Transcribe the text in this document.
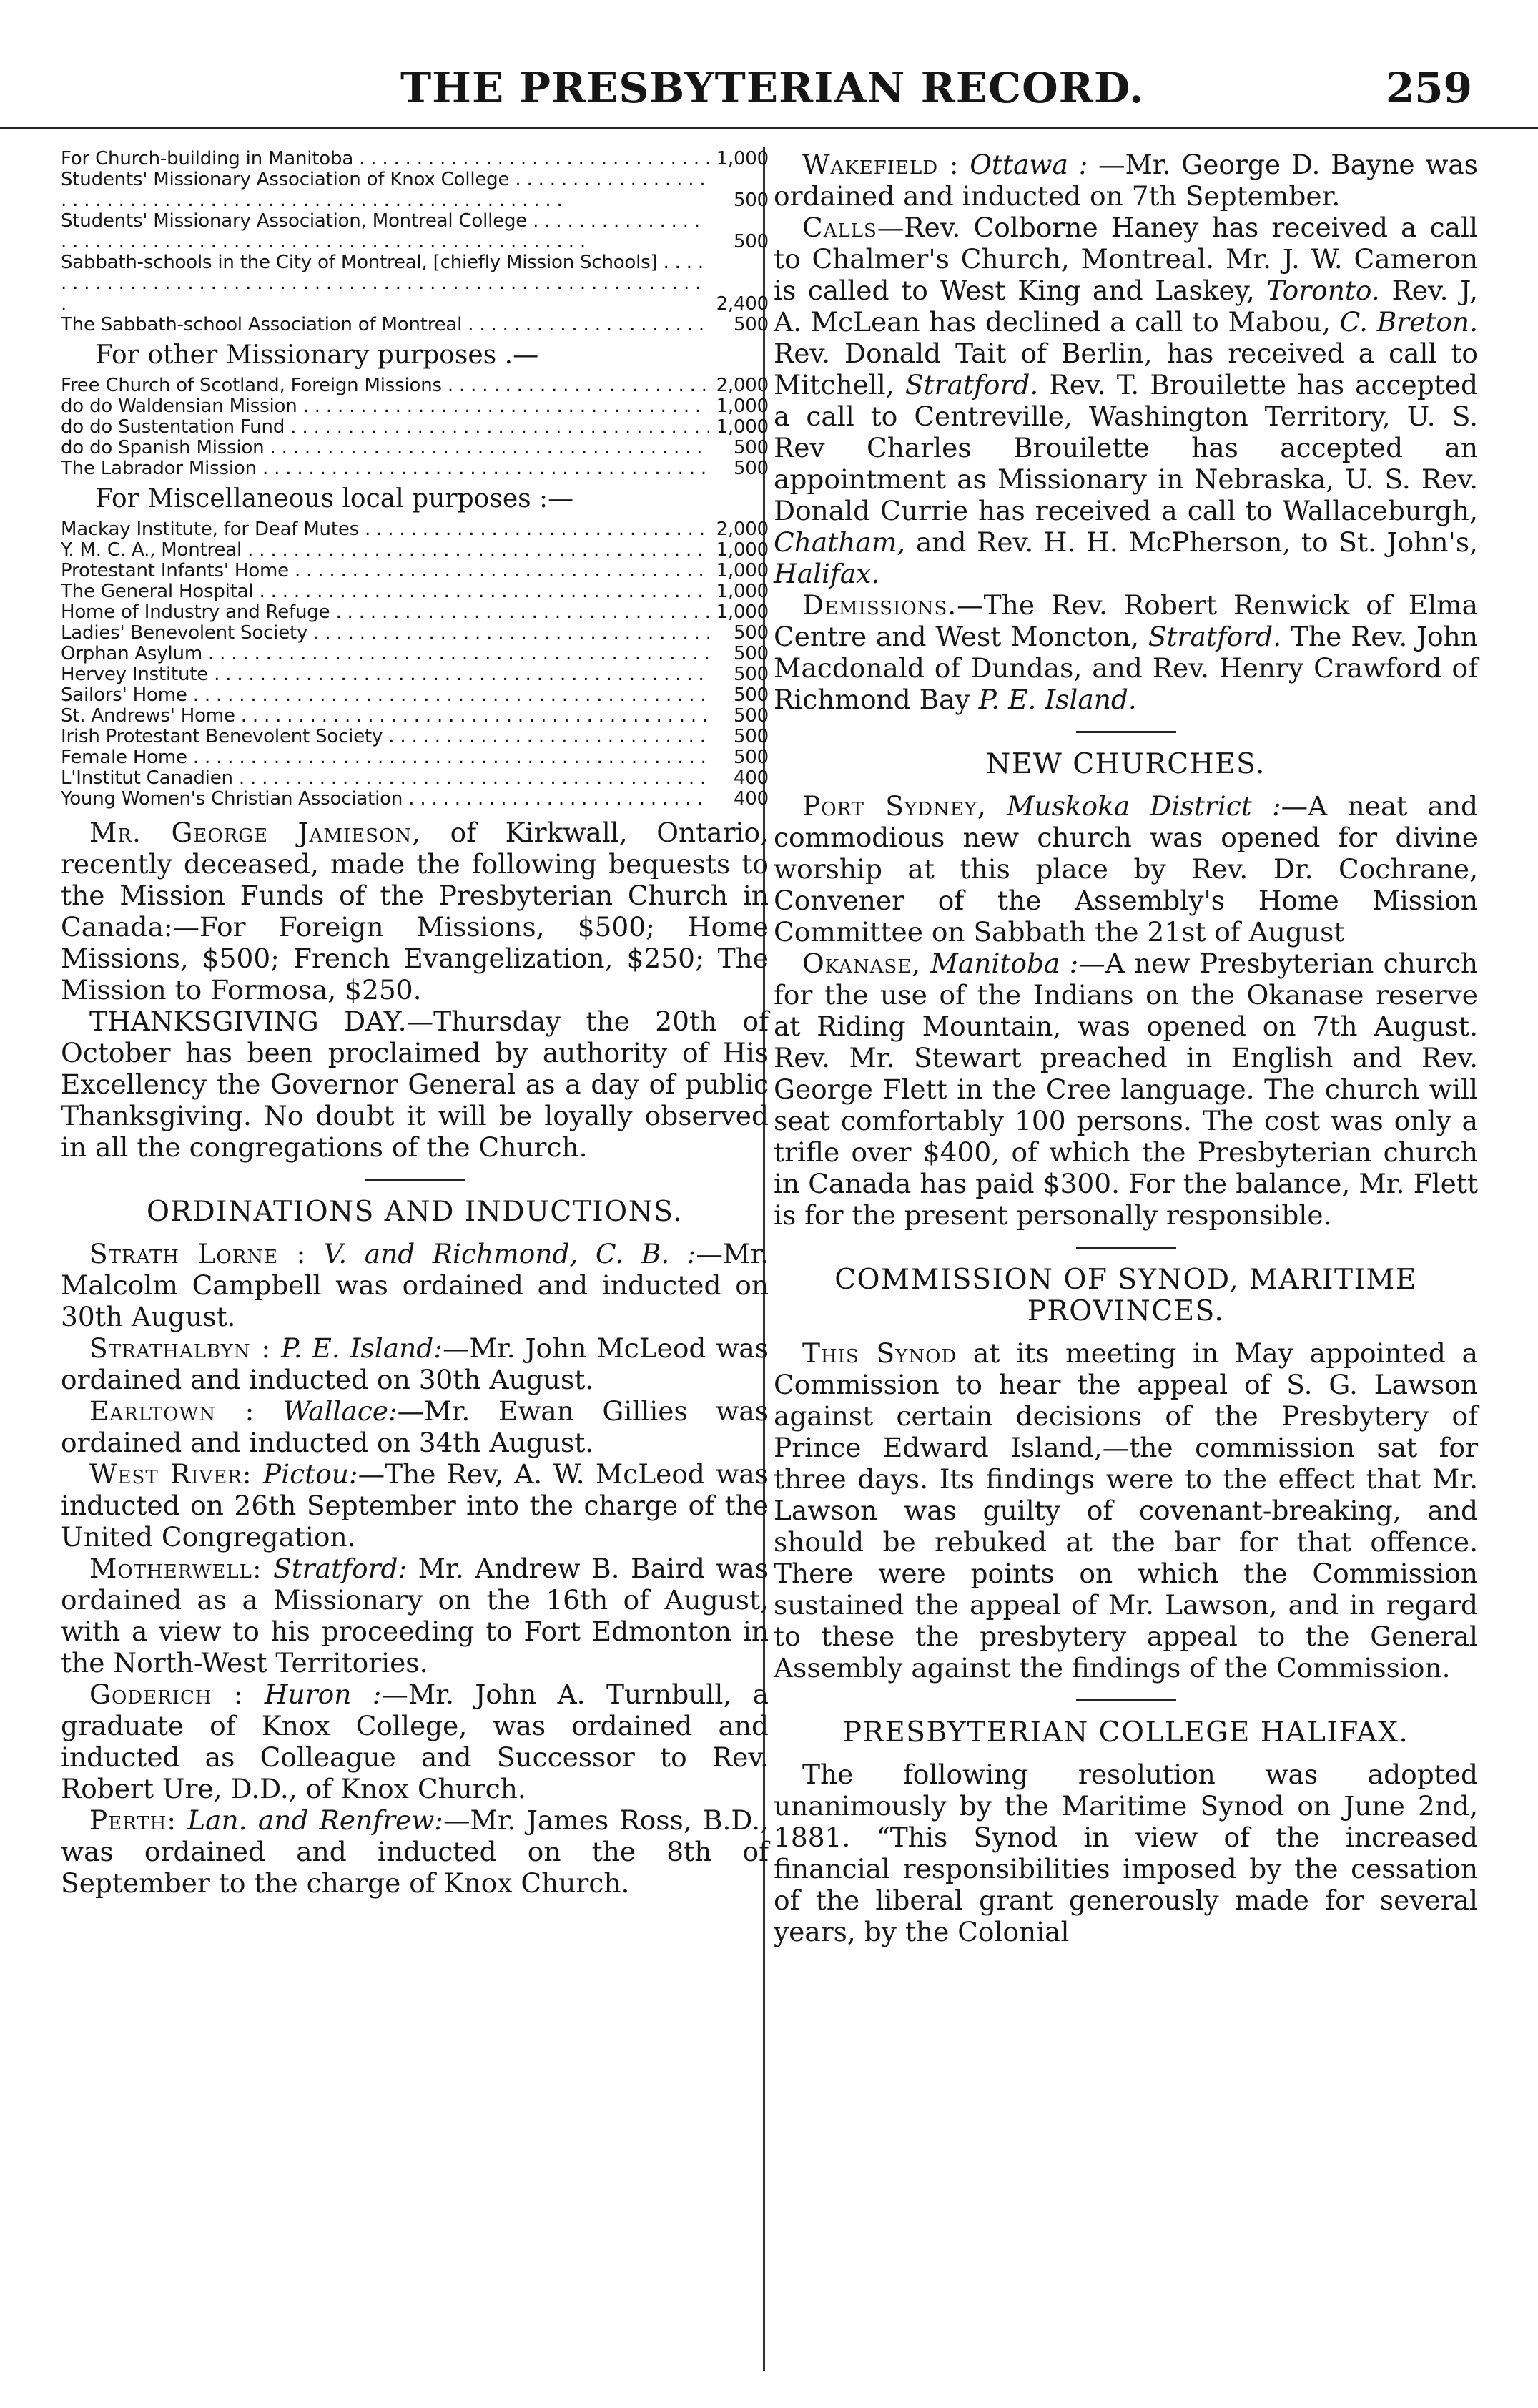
THE PRESBYTERIAN RECORD.	259
For Church-building in Manitoba . . .	1,000
Students' Missionary Association of Knox College . . .
500
Students' Missionary Association, Montreal College . . .
500
Sabbath-schools in the City of Montreal, [chiefly Mission Schools] . . .
2,400
The Sabbath-school Association of Montreal . . .	500
For other Missionary purposes .—
Free Church of Scotland, Foreign Missions . . .	2,000
do do Waldensian Mission . . .	1,000
do do Sustentation Fund . . .	1,000
do do Spanish Mission . . .	500
The Labrador Mission . . .	500
For Miscellaneous local purposes :—
Mackay Institute, for Deaf Mutes . . .	2,000
Y. M. C. A., Montreal . . .	1,000
Protestant Infants' Home . . .	1,000
The General Hospital . . .	1,000
Home of Industry and Refuge . . .	1,000
Ladies' Benevolent Society . . .	500
Orphan Asylum . . .	500
Hervey Institute . . .	500
Sailors' Home . . .	500
St. Andrews' Home . . .	500
Irish Protestant Benevolent Society . . .	500
Female Home . . .	500
L'Institut Canadien . . .	400
Young Women's Christian Association . . .	400

Mr. George Jamieson, of Kirkwall, Ontario, recently deceased, made the following bequests to the Mission Funds of the Presbyterian Church in Canada:—For Foreign Missions, $500; Home Missions, $500; French Evangelization, $250; The Mission to Formosa, $250.

THANKSGIVING DAY.—Thursday the 20th of October has been proclaimed by authority of His Excellency the Governor General as a day of public Thanksgiving. No doubt it will be loyally observed in all the congregations of the Church.

ORDINATIONS AND INDUCTIONS.

Strath Lorne : V. and Richmond, C. B. :—Mr. Malcolm Campbell was ordained and inducted on 30th August.

Strathalbyn : P. E. Island:—Mr. John McLeod was ordained and inducted on 30th August.

Earltown : Wallace:—Mr. Ewan Gillies was ordained and inducted on 34th August.

West River: Pictou:—The Rev, A. W. McLeod was inducted on 26th September into the charge of the United Congregation.

Motherwell: Stratford: Mr. Andrew B. Baird was ordained as a Missionary on the 16th of August, with a view to his proceeding to Fort Edmonton in the North-West Territories.

Goderich : Huron :—Mr. John A. Turnbull, a graduate of Knox College, was ordained and inducted as Colleague and Successor to Rev. Robert Ure, D.D., of Knox Church.

Perth: Lan. and Renfrew:—Mr. James Ross, B.D., was ordained and inducted on the 8th of September to the charge of Knox Church.

Wakefield : Ottawa : —Mr. George D. Bayne was ordained and inducted on 7th September.

Calls—Rev. Colborne Haney has received a call to Chalmer's Church, Montreal. Mr. J. W. Cameron is called to West King and Laskey, Toronto. Rev. J, A. McLean has declined a call to Mabou, C. Breton. Rev. Donald Tait of Berlin, has received a call to Mitchell, Stratford. Rev. T. Brouilette has accepted a call to Centreville, Washington Territory, U. S. Rev Charles Brouilette has accepted an appointment as Missionary in Nebraska, U. S. Rev. Donald Currie has received a call to Wallaceburgh, Chatham, and Rev. H. H. McPherson, to St. John's, Halifax.

Demissions.—The Rev. Robert Renwick of Elma Centre and West Moncton, Stratford. The Rev. John Macdonald of Dundas, and Rev. Henry Crawford of Richmond Bay P. E. Island.

NEW CHURCHES.

Port Sydney, Muskoka District :—A neat and commodious new church was opened for divine worship at this place by Rev. Dr. Cochrane, Convener of the Assembly's Home Mission Committee on Sabbath the 21st of August

Okanase, Manitoba :—A new Presbyterian church for the use of the Indians on the Okanase reserve at Riding Mountain, was opened on 7th August. Rev. Mr. Stewart preached in English and Rev. George Flett in the Cree language. The church will seat comfortably 100 persons. The cost was only a trifle over $400, of which the Presbyterian church in Canada has paid $300. For the balance, Mr. Flett is for the present personally responsible.

COMMISSION OF SYNOD, MARITIME
PROVINCES.

This Synod at its meeting in May appointed a Commission to hear the appeal of S. G. Lawson against certain decisions of the Presbytery of Prince Edward Island,—the commission sat for three days. Its findings were to the effect that Mr. Lawson was guilty of covenant-breaking, and should be rebuked at the bar for that offence. There were points on which the Commission sustained the appeal of Mr. Lawson, and in regard to these the presbytery appeal to the General Assembly against the findings of the Commission.

PRESBYTERIAN COLLEGE HALIFAX.

The following resolution was adopted unanimously by the Maritime Synod on June 2nd, 1881. “This Synod in view of the increased financial responsibilities imposed by the cessation of the liberal grant generously made for several years, by the Colonial
